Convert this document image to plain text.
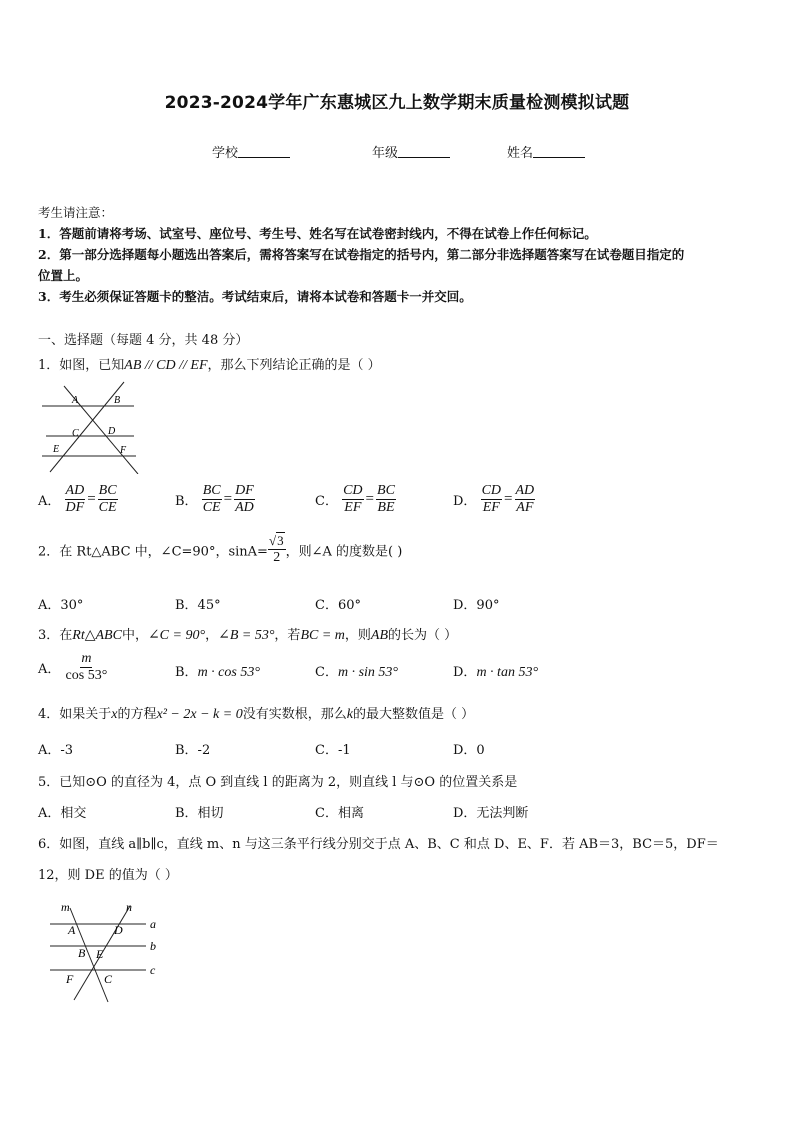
2023-2024学年广东惠城区九上数学期末质量检测模拟试题
学校	年级	姓名
考生请注意：
1．答题前请将考场、试室号、座位号、考生号、姓名写在试卷密封线内，不得在试卷上作任何标记。
2．第一部分选择题每小题选出答案后，需将答案写在试卷指定的括号内，第二部分非选择题答案写在试卷题目指定的
位置上。
3．考生必须保证答题卡的整洁。考试结束后，请将本试卷和答题卡一并交回。
一、选择题（每题 4 分，共 48 分）
1．如图，已知AB // CD // EF，那么下列结论正确的是（ ）
A	B
C	D
E	F
A． $\frac{AD}{DF} = \frac{BC}{CE}$	B． $\frac{BC}{CE} = \frac{DF}{AD}$	C． $\frac{CD}{EF} = \frac{BC}{BE}$	D． $\frac{CD}{EF} = \frac{AD}{AF}$
2．在 Rt△ABC 中，∠C=90°，$\sin A= \frac{√3}{2}$ ，则∠A 的度数是( )
A．30°	B．45°	C．60°	D．90°
3．在Rt△ABC中，∠C = 90°，∠B = 53°，若BC = m，则AB的长为（ ）
A． $\frac{m}{\cos 53^\circ}$	B．m · cos 53°	C．m · sin 53°	D．m · tan 53°
4．如果关于x的方程x² − 2x − k = 0没有实数根，那么k的最大整数值是（ ）
A．-3	B．-2	C．-1	D．0
5．已知⊙O 的直径为 4，点 O 到直线 l 的距离为 2，则直线 l 与⊙O 的位置关系是
A．相交	B．相切	C．相离	D．无法判断
6．如图，直线 a∥b∥c，直线 m、n 与这三条平行线分别交于点 A、B、C 和点 D、E、F．若 AB＝3，BC＝5，DF＝
12，则 DE 的值为（ ）
m	n
a
b
c
A	D
B E
F	C
